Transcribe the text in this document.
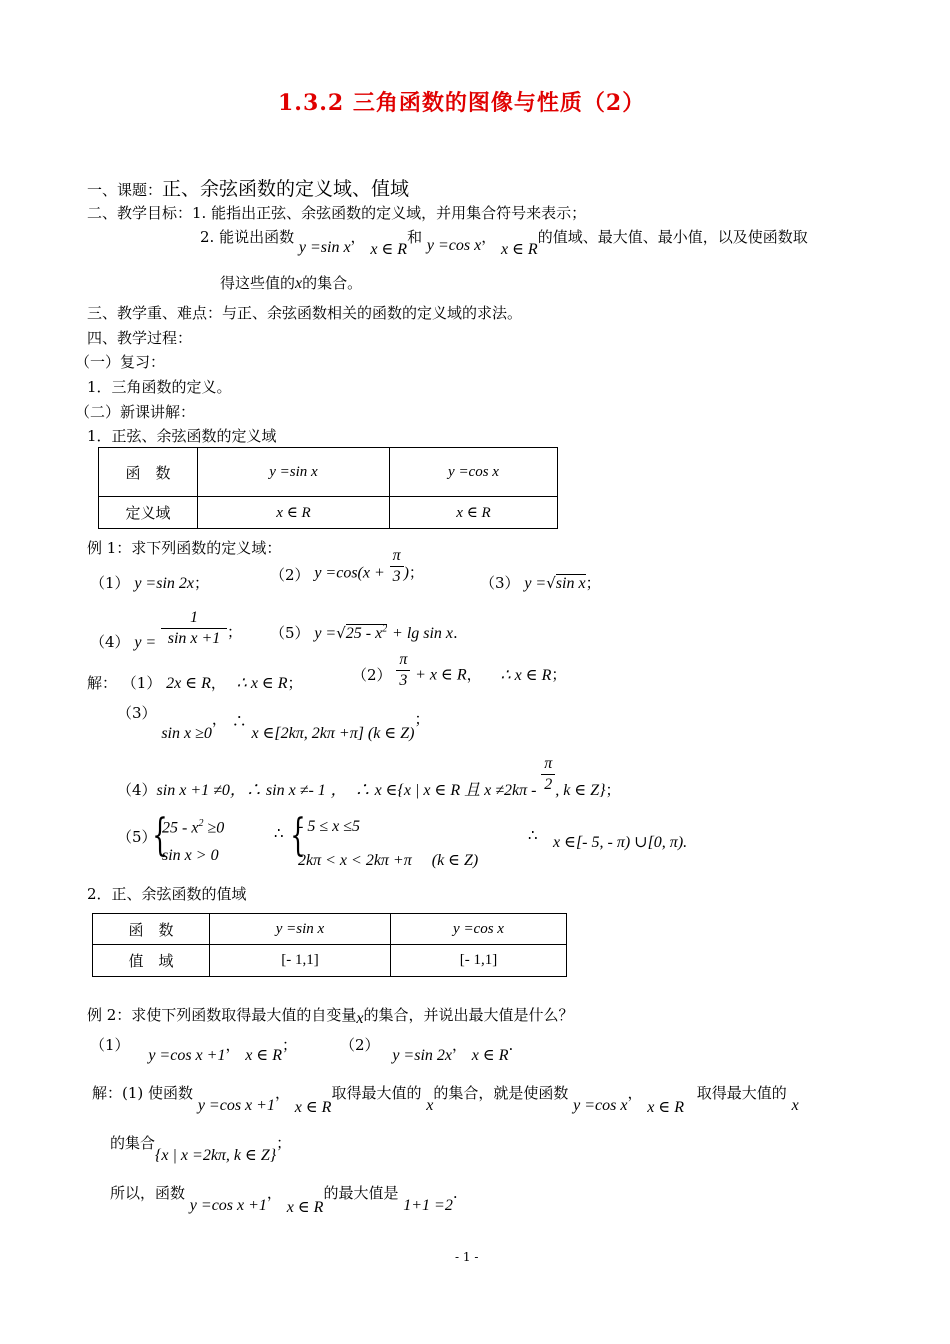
1.3.2 三角函数的图像与性质（2）
一、课题：正、余弦函数的定义域、值域
二、教学目标：1. 能指出正弦、余弦函数的定义域，并用集合符号来表示；
2. 能说出函数 y =sin x， x ∈ R和 y =cos x， x ∈ R的值域、最大值、最小值，以及使函数取
得这些值的x的集合。
三、教学重、难点：与正、余弦函数相关的函数的定义域的求法。
四、教学过程：
（一）复习：
1．三角函数的定义。
（二）新课讲解：
1．正弦、余弦函数的定义域
函　数	y =sin x	y =cos x
定义域	x ∈ R	x ∈ R
例 1：求下列函数的定义域：
（1） y =sin 2x；	（2） $y =\cos(x + \frac{\pi}{3}$ )；
（3） y =√sin x；
（4） $y = \frac{1}{\text{sin x +1}}$ ； （5） $y =√25 - x^2 + \lg \sin x$.
解： （1） 2x ∈ R， ∴ x ∈ R；	$(2) \frac{\pi}{3} + x$ ∈ R， ∴ x ∈ R；
（3） sin x ≥0， ∴ x ∈[2kπ, 2kπ +π] (k ∈ Z)；
（4）sin x +1 ≠0，∴ sin x ≠- 1 ，　∴ x ∈{x | x ∈ R 且 $x \ne 2k\pi - \frac{\pi}{2}$ , k ∈ Z}；
（5）
{
$25 - x^2 \ge 0$
sin x > 0
∴ {
- 5 ≤ x ≤5
2kπ < x < 2kπ +π　 (k ∈ Z)
∴ x ∈[- 5, - π) ∪[0, π).
2．正、余弦函数的值域
函　数	y =sin x	y =cos x
值　域	[- 1,1]	[- 1,1]
例 2：求使下列函数取得最大值的自变量x的集合，并说出最大值是什么？
（1） y =cos x +1， x ∈ R；	（2） y =sin 2x， x ∈ R.
解：(1) 使函数 y =cos x +1， x ∈ R取得最大值的 x的集合，就是使函数 y =cos x， x ∈ R 取得最大值的 x
的集合{x | x =2kπ, k ∈ Z}；
所以，函数 y =cos x +1， x ∈ R的最大值是 1+1 =2.
- 1 -
